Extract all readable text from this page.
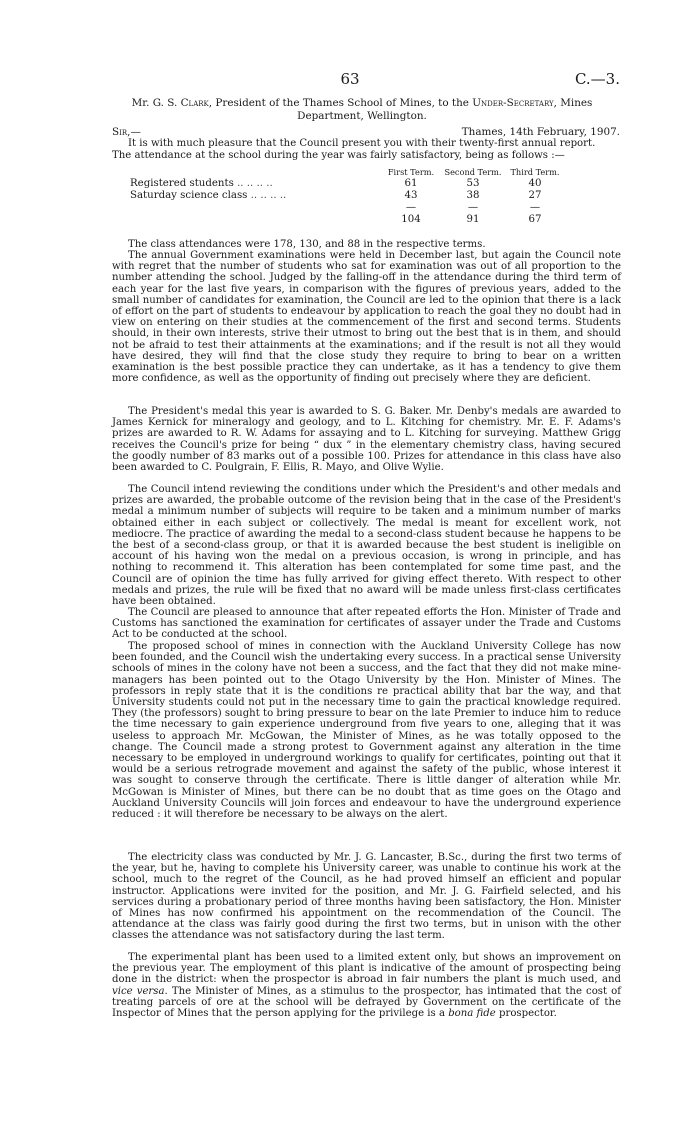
63	C.—3.
Mr. G. S. Clark, President of the Thames School of Mines, to the Under-Secretary, Mines Department, Wellington.
Sir,—	Thames, 14th February, 1907.

It is with much pleasure that the Council present you with their twenty-first annual report.

The attendance at the school during the year was fairly satisfactory, being as follows :—

	First Term.	Second Term.	Third Term.
Registered students .. .. .. ..	61	53	40
Saturday science class .. .. .. ..	43	38	27
	—	—	—
	104	91	67

The class attendances were 178, 130, and 88 in the respective terms.

The annual Government examinations were held in December last, but again the Council note with regret that the number of students who sat for examination was out of all proportion to the number attending the school. Judged by the falling-off in the attendance during the third term of each year for the last five years, in comparison with the figures of previous years, added to the small number of candidates for examination, the Council are led to the opinion that there is a lack of effort on the part of students to endeavour by application to reach the goal they no doubt had in view on entering on their studies at the commencement of the first and second terms. Students should, in their own interests, strive their utmost to bring out the best that is in them, and should not be afraid to test their attainments at the examinations; and if the result is not all they would have desired, they will find that the close study they require to bring to bear on a written examination is the best possible practice they can undertake, as it has a tendency to give them more confidence, as well as the opportunity of finding out precisely where they are deficient.

The President's medal this year is awarded to S. G. Baker. Mr. Denby's medals are awarded to James Kernick for mineralogy and geology, and to L. Kitching for chemistry. Mr. E. F. Adams's prizes are awarded to R. W. Adams for assaying and to L. Kitching for surveying. Matthew Grigg receives the Council's prize for being “ dux ” in the elementary chemistry class, having secured the goodly number of 83 marks out of a possible 100. Prizes for attendance in this class have also been awarded to C. Poulgrain, F. Ellis, R. Mayo, and Olive Wylie.

The Council intend reviewing the conditions under which the President's and other medals and prizes are awarded, the probable outcome of the revision being that in the case of the President's medal a minimum number of subjects will require to be taken and a minimum number of marks obtained either in each subject or collectively. The medal is meant for excellent work, not mediocre. The practice of awarding the medal to a second-class student because he happens to be the best of a second-class group, or that it is awarded because the best student is ineligible on account of his having won the medal on a previous occasion, is wrong in principle, and has nothing to recommend it. This alteration has been contemplated for some time past, and the Council are of opinion the time has fully arrived for giving effect thereto. With respect to other medals and prizes, the rule will be fixed that no award will be made unless first-class certificates have been obtained.

The Council are pleased to announce that after repeated efforts the Hon. Minister of Trade and Customs has sanctioned the examination for certificates of assayer under the Trade and Customs Act to be conducted at the school.

The proposed school of mines in connection with the Auckland University College has now been founded, and the Council wish the undertaking every success. In a practical sense University schools of mines in the colony have not been a success, and the fact that they did not make mine-managers has been pointed out to the Otago University by the Hon. Minister of Mines. The professors in reply state that it is the conditions re practical ability that bar the way, and that University students could not put in the necessary time to gain the practical knowledge required. They (the professors) sought to bring pressure to bear on the late Premier to induce him to reduce the time necessary to gain experience underground from five years to one, alleging that it was useless to approach Mr. McGowan, the Minister of Mines, as he was totally opposed to the change. The Council made a strong protest to Government against any alteration in the time necessary to be employed in underground workings to qualify for certificates, pointing out that it would be a serious retrograde movement and against the safety of the public, whose interest it was sought to conserve through the certificate. There is little danger of alteration while Mr. McGowan is Minister of Mines, but there can be no doubt that as time goes on the Otago and Auckland University Councils will join forces and endeavour to have the underground experience reduced : it will therefore be necessary to be always on the alert.

The electricity class was conducted by Mr. J. G. Lancaster, B.Sc., during the first two terms of the year, but he, having to complete his University career, was unable to continue his work at the school, much to the regret of the Council, as he had proved himself an efficient and popular instructor. Applications were invited for the position, and Mr. J. G. Fairfield selected, and his services during a probationary period of three months having been satisfactory, the Hon. Minister of Mines has now confirmed his appointment on the recommendation of the Council. The attendance at the class was fairly good during the first two terms, but in unison with the other classes the attendance was not satisfactory during the last term.

The experimental plant has been used to a limited extent only, but shows an improvement on the previous year. The employment of this plant is indicative of the amount of prospecting being done in the district: when the prospector is abroad in fair numbers the plant is much used, and vice versa. The Minister of Mines, as a stimulus to the prospector, has intimated that the cost of treating parcels of ore at the school will be defrayed by Government on the certificate of the Inspector of Mines that the person applying for the privilege is a bona fide prospector.
